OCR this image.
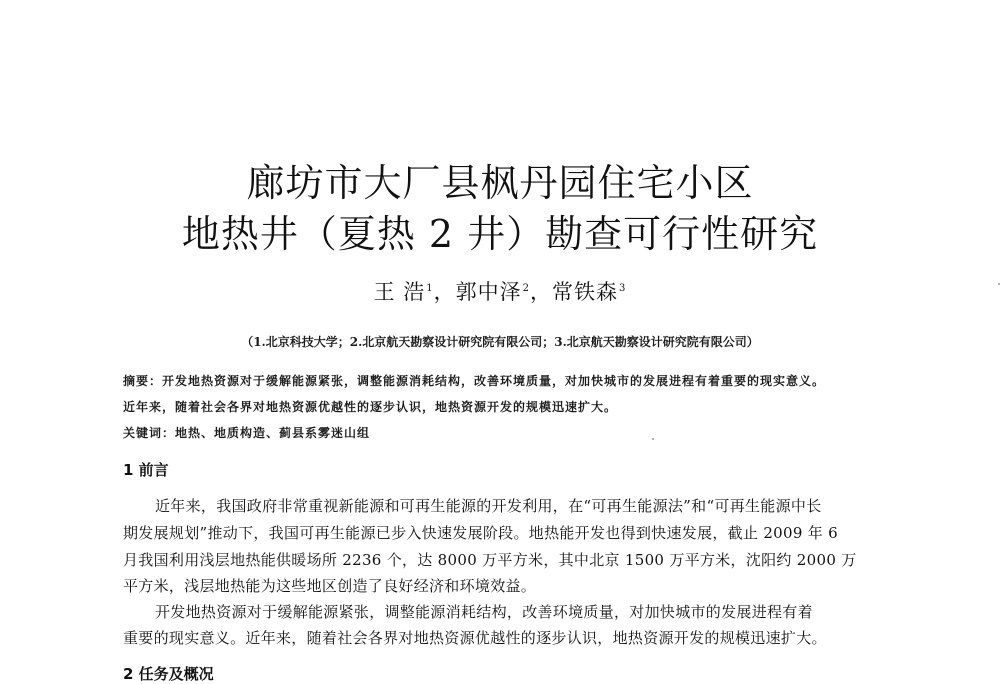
廊坊市大厂县枫丹园住宅小区
地热井（夏热 2 井）勘查可行性研究
王 浩$^1$，郭中泽$^2$，常铁森$^3$
（1.北京科技大学；2.北京航天勘察设计研究院有限公司；3.北京航天勘察设计研究院有限公司）
摘要：开发地热资源对于缓解能源紧张，调整能源消耗结构，改善环境质量，对加快城市的发展进程有着重要的现实意义。
近年来，随着社会各界对地热资源优越性的逐步认识，地热资源开发的规模迅速扩大。
关键词：地热、地质构造、蓟县系雾迷山组
1 前言
近年来，我国政府非常重视新能源和可再生能源的开发利用，在“可再生能源法”和“可再生能源中长
期发展规划”推动下，我国可再生能源已步入快速发展阶段。地热能开发也得到快速发展，截止 2009 年 6
月我国利用浅层地热能供暖场所 2236 个，达 8000 万平方米，其中北京 1500 万平方米，沈阳约 2000 万
平方米，浅层地热能为这些地区创造了良好经济和环境效益。
开发地热资源对于缓解能源紧张，调整能源消耗结构，改善环境质量，对加快城市的发展进程有着
重要的现实意义。近年来，随着社会各界对地热资源优越性的逐步认识，地热资源开发的规模迅速扩大。
2 任务及概况
